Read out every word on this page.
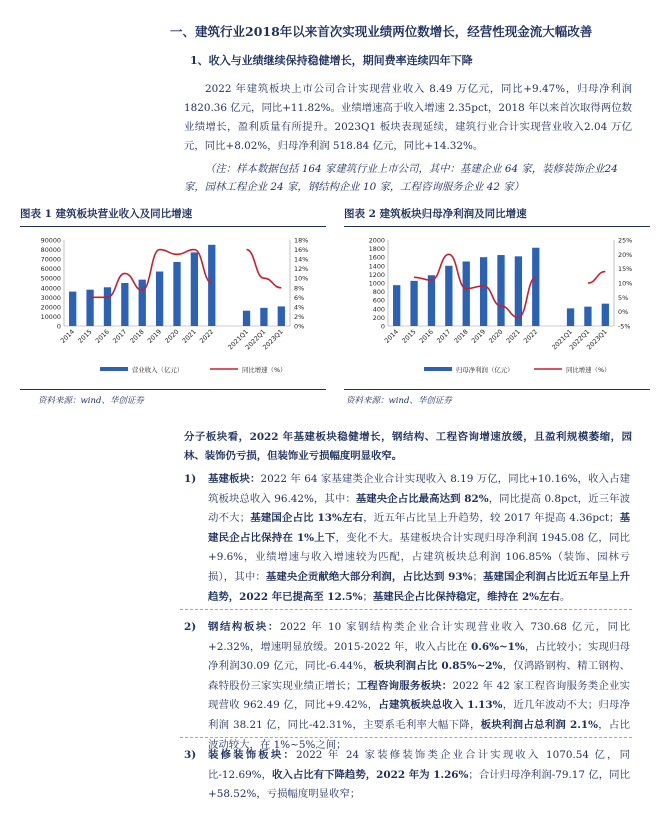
一、建筑行业2018年以来首次实现业绩两位数增长，经营性现金流大幅改善
1、收入与业绩继续保持稳健增长，期间费率连续四年下降
2022 年建筑板块上市公司合计实现营业收入 8.49 万亿元，同比+9.47%，归母净利润1820.36 亿元，同比+11.82%。业绩增速高于收入增速 2.35pct，2018 年以来首次取得两位数业绩增长，盈利质量有所提升。2023Q1 板块表现延续，建筑行业合计实现营业收入2.04 万亿元，同比+8.02%，归母净利润 518.84 亿元，同比+14.32%。
（注：样本数据包括 164 家建筑行业上市公司，其中：基建企业 64 家，装修装饰企业24 家，园林工程企业 24 家，钢结构企业 10 家，工程咨询服务企业 42 家）
图表 1 建筑板块营业收入及同比增速
0
10000
20000
30000
40000
50000
60000
70000
80000
90000
0%
2%
4%
6%
8%
10%
12%
14%
16%
18%
2014 2015 2016 2017 2018 2019 2020 2021 2022 2021Q1
2022Q1
2023Q1
营业收入（亿元）	同比增速（%）
资料来源：wind、华创证券
图表 2 建筑板块归母净利润及同比增速
0
200
400
600
800
1000
1200
1400
1600
1800
2000
-5%
0%
5%
10%
15%
20%
25%
2014 2015 2016 2017 2018 2019 2020 2021 2022 2021Q1
2022Q1
2023Q1
归母净利润（亿元）	同比增速（%）
资料来源：wind、华创证券
分子板块看，2022 年基建板块稳健增长，钢结构、工程咨询增速放缓，且盈利规模萎缩，园林、装饰仍亏损，但装饰业亏损幅度明显收窄。
1) 基建板块：2022 年 64 家基建类企业合计实现收入 8.19 万亿，同比+10.16%，收入占建筑板块总收入 96.42%，其中：基建央企占比最高达到 82%，同比提高 0.8pct，近三年波动不大；基建国企占比 13%左右，近五年占比呈上升趋势，较 2017 年提高 4.36pct；基建民企占比保持在 1%上下，变化不大。基建板块合计实现归母净利润 1945.08 亿，同比+9.6%，业绩增速与收入增速较为匹配，占建筑板块总利润 106.85%（装饰、园林亏损），其中：基建央企贡献绝大部分利润，占比达到 93%；基建国企利润占比近五年呈上升趋势，2022 年已提高至 12.5%；基建民企占比保持稳定，维持在 2%左右。
2) 钢结构板块：2022 年 10 家钢结构类企业合计实现营业收入 730.68 亿元，同比+2.32%，增速明显放缓。2015-2022 年，收入占比在 0.6%~1%，占比较小；实现归母净利润30.09 亿元，同比-6.44%，板块利润占比 0.85%~2%，仅鸿路钢构、精工钢构、森特股份三家实现业绩正增长；工程咨询服务板块：2022 年 42 家工程咨询服务类企业实现营收 962.49 亿，同比+9.42%，占建筑板块总收入 1.13%，近几年波动不大；归母净利润 38.21 亿，同比-42.31%，主要系毛利率大幅下降，板块利润占总利润 2.1%，占比波动较大，在 1%~5%之间；
3) 装修装饰板块：2022 年 24 家装修装饰类企业合计实现收入 1070.54 亿，同比-12.69%，收入占比有下降趋势，2022 年为 1.26%；合计归母净利润-79.17 亿，同比+58.52%，亏损幅度明显收窄；
